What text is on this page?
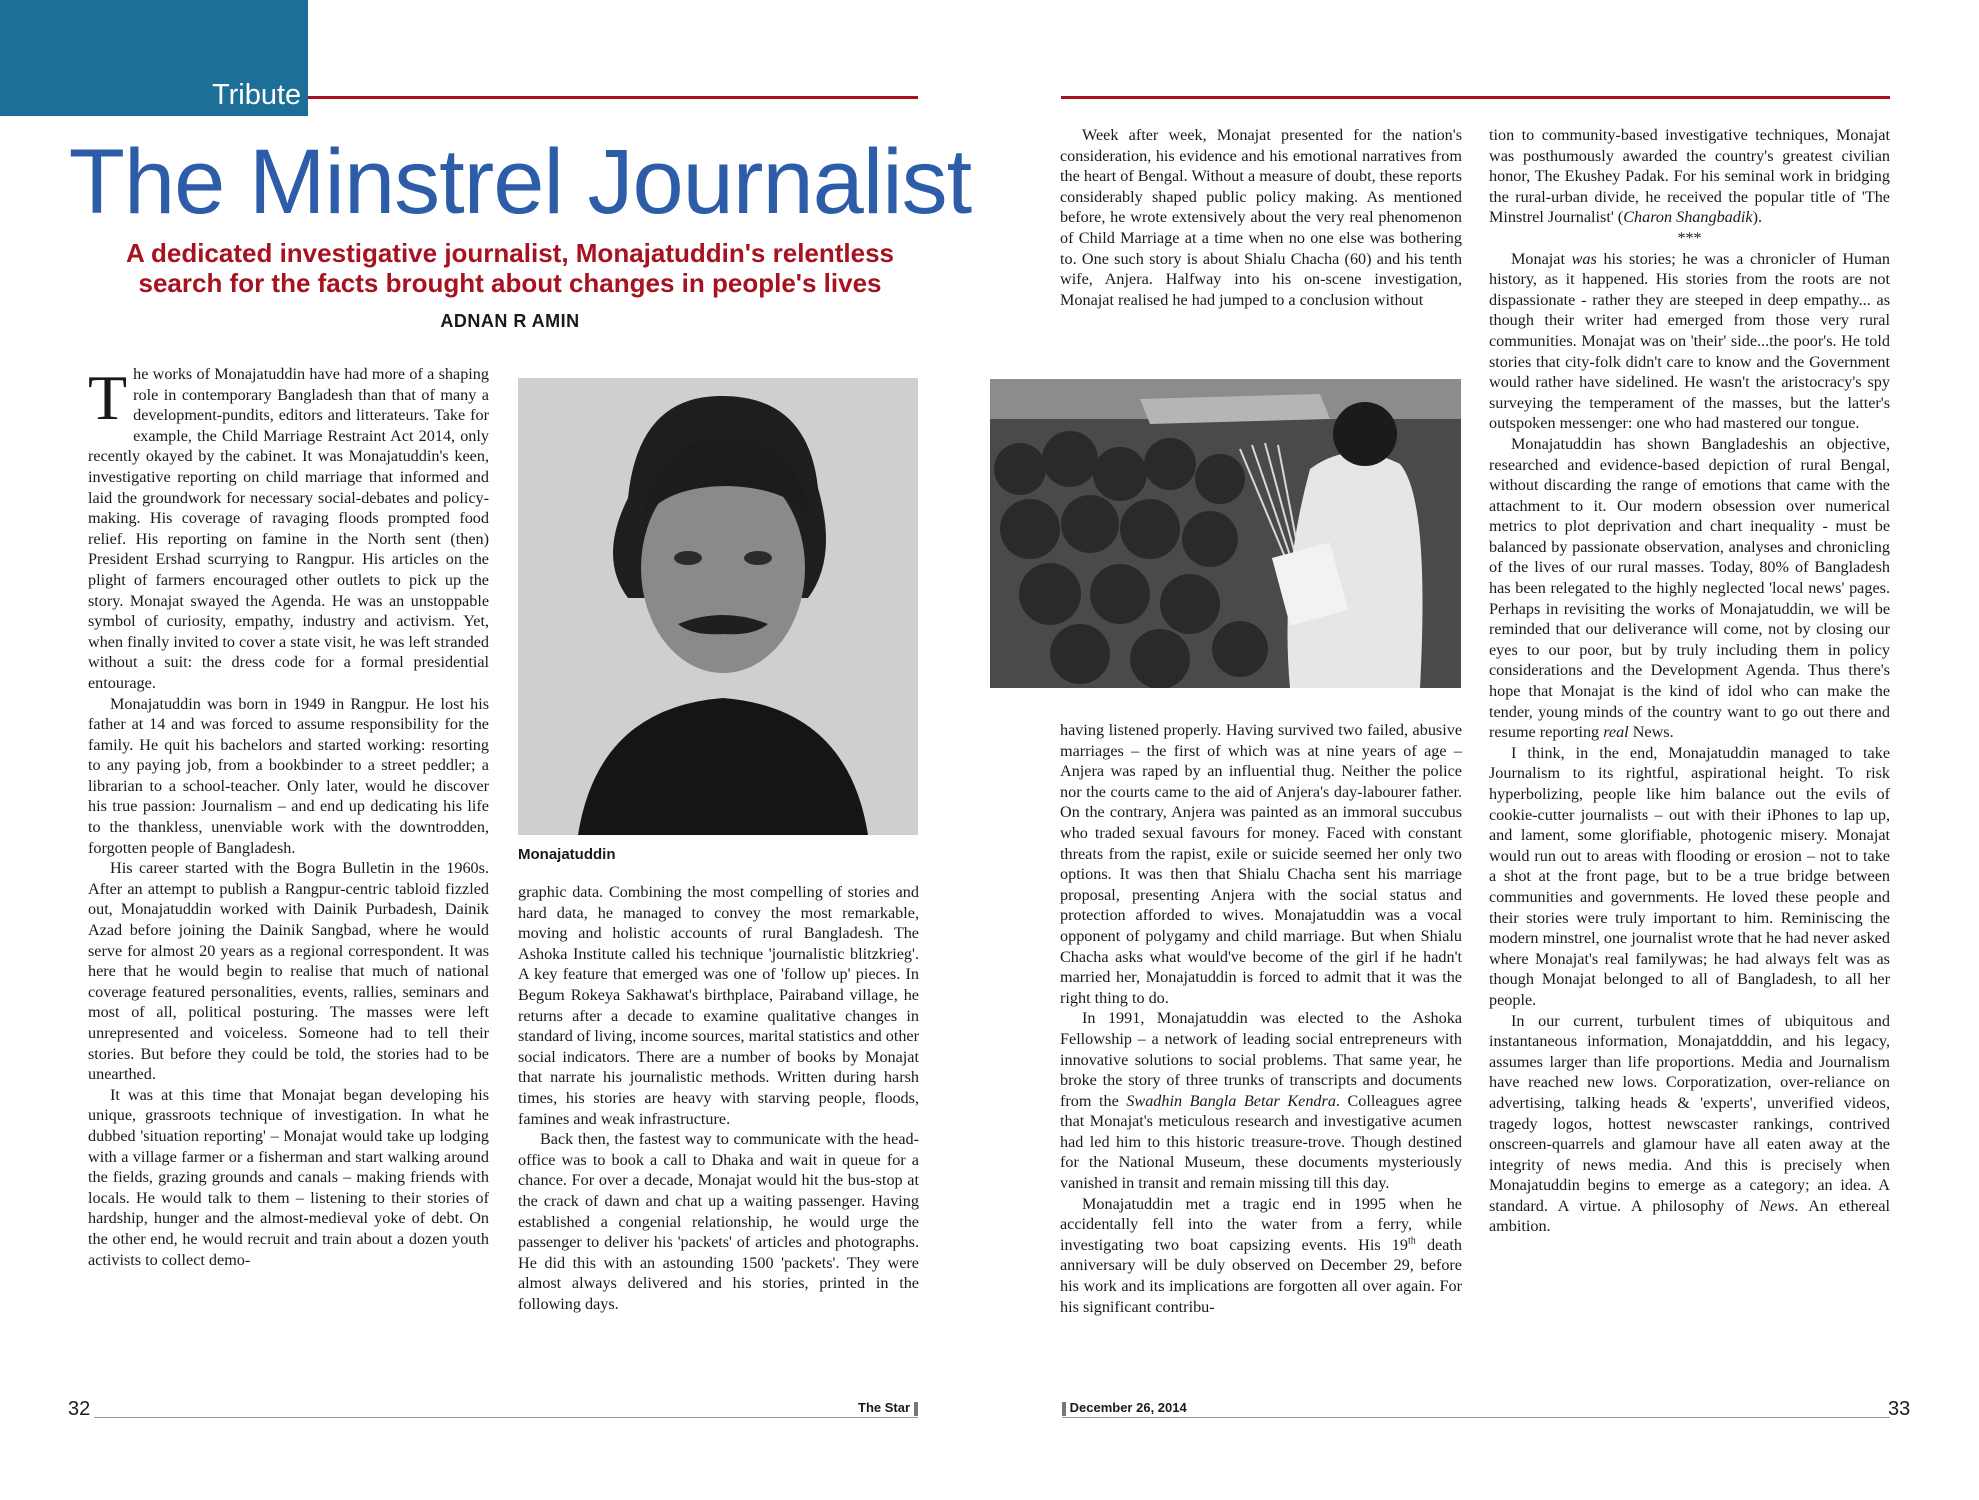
Tribute
The Minstrel Journalist
A dedicated investigative journalist, Monajatuddin's relentless
search for the facts brought about changes in people's lives
ADNAN R AMIN

The works of Monajatuddin have had more of a shaping role in contemporary Bangladesh than that of many a development-pundits, editors and litterateurs. Take for example, the Child Marriage Restraint Act 2014, only recently okayed by the cabinet. It was Monajatuddin's keen, investigative reporting on child marriage that informed and laid the groundwork for necessary social-debates and policy-making. His coverage of ravaging floods prompted food relief. His reporting on famine in the North sent (then) President Ershad scurrying to Rangpur. His articles on the plight of farmers encouraged other outlets to pick up the story. Monajat swayed the Agenda. He was an unstoppable symbol of curiosity, empathy, industry and activism. Yet, when finally invited to cover a state visit, he was left stranded without a suit: the dress code for a formal presidential entourage.

Monajatuddin was born in 1949 in Rangpur. He lost his father at 14 and was forced to assume responsibility for the family. He quit his bachelors and started working: resorting to any paying job, from a bookbinder to a street peddler; a librarian to a school-teacher. Only later, would he discover his true passion: Journalism – and end up dedicating his life to the thankless, unenviable work with the downtrodden, forgotten people of Bangladesh.

His career started with the Bogra Bulletin in the 1960s. After an attempt to publish a Rangpur-centric tabloid fizzled out, Monajatuddin worked with Dainik Purbadesh, Dainik Azad before joining the Dainik Sangbad, where he would serve for almost 20 years as a regional correspondent. It was here that he would begin to realise that much of national coverage featured personalities, events, rallies, seminars and most of all, political posturing. The masses were left unrepresented and voiceless. Someone had to tell their stories. But before they could be told, the stories had to be unearthed.

It was at this time that Monajat began developing his unique, grassroots technique of investigation. In what he dubbed 'situation reporting' – Monajat would take up lodging with a village farmer or a fisherman and start walking around the fields, grazing grounds and canals – making friends with locals. He would talk to them – listening to their stories of hardship, hunger and the almost-medieval yoke of debt. On the other end, he would recruit and train about a dozen youth activists to collect demo-

Monajatuddin

graphic data. Combining the most compelling of stories and hard data, he managed to convey the most remarkable, moving and holistic accounts of rural Bangladesh. The Ashoka Institute called his technique 'journalistic blitzkrieg'. A key feature that emerged was one of 'follow up' pieces. In Begum Rokeya Sakhawat's birthplace, Pairaband village, he returns after a decade to examine qualitative changes in standard of living, income sources, marital statistics and other social indicators. There are a number of books by Monajat that narrate his journalistic methods. Written during harsh times, his stories are heavy with starving people, floods, famines and weak infrastructure.

Back then, the fastest way to communicate with the head-office was to book a call to Dhaka and wait in queue for a chance. For over a decade, Monajat would hit the bus-stop at the crack of dawn and chat up a waiting passenger. Having established a congenial relationship, he would urge the passenger to deliver his 'packets' of articles and photographs. He did this with an astounding 1500 'packets'. They were almost always delivered and his stories, printed in the following days.

Week after week, Monajat presented for the nation's consideration, his evidence and his emotional narratives from the heart of Bengal. Without a measure of doubt, these reports considerably shaped public policy making. As mentioned before, he wrote extensively about the very real phenomenon of Child Marriage at a time when no one else was bothering to. One such story is about Shialu Chacha (60) and his tenth wife, Anjera. Halfway into his on-scene investigation, Monajat realised he had jumped to a conclusion without

having listened properly. Having survived two failed, abusive marriages – the first of which was at nine years of age – Anjera was raped by an influential thug. Neither the police nor the courts came to the aid of Anjera's day-labourer father. On the contrary, Anjera was painted as an immoral succubus who traded sexual favours for money. Faced with constant threats from the rapist, exile or suicide seemed her only two options. It was then that Shialu Chacha sent his marriage proposal, presenting Anjera with the social status and protection afforded to wives. Monajatuddin was a vocal opponent of polygamy and child marriage. But when Shialu Chacha asks what would've become of the girl if he hadn't married her, Monajatuddin is forced to admit that it was the right thing to do.

In 1991, Monajatuddin was elected to the Ashoka Fellowship – a network of leading social entrepreneurs with innovative solutions to social problems. That same year, he broke the story of three trunks of transcripts and documents from the Swadhin Bangla Betar Kendra. Colleagues agree that Monajat's meticulous research and investigative acumen had led him to this historic treasure-trove. Though destined for the National Museum, these documents mysteriously vanished in transit and remain missing till this day.

Monajatuddin met a tragic end in 1995 when he accidentally fell into the water from a ferry, while investigating two boat capsizing events. His 19th death anniversary will be duly observed on December 29, before his work and its implications are forgotten all over again. For his significant contribu-

tion to community-based investigative techniques, Monajat was posthumously awarded the country's greatest civilian honor, The Ekushey Padak. For his seminal work in bridging the rural-urban divide, he received the popular title of 'The Minstrel Journalist' (Charon Shangbadik).

***

Monajat was his stories; he was a chronicler of Human history, as it happened. His stories from the roots are not dispassionate - rather they are steeped in deep empathy... as though their writer had emerged from those very rural communities. Monajat was on 'their' side...the poor's. He told stories that city-folk didn't care to know and the Government would rather have sidelined. He wasn't the aristocracy's spy surveying the temperament of the masses, but the latter's outspoken messenger: one who had mastered our tongue.

Monajatuddin has shown Bangladeshis an objective, researched and evidence-based depiction of rural Bengal, without discarding the range of emotions that came with the attachment to it. Our modern obsession over numerical metrics to plot deprivation and chart inequality - must be balanced by passionate observation, analyses and chronicling of the lives of our rural masses. Today, 80% of Bangladesh has been relegated to the highly neglected 'local news' pages. Perhaps in revisiting the works of Monajatuddin, we will be reminded that our deliverance will come, not by closing our eyes to our poor, but by truly including them in policy considerations and the Development Agenda. Thus there's hope that Monajat is the kind of idol who can make the tender, young minds of the country want to go out there and resume reporting real News.

I think, in the end, Monajatuddin managed to take Journalism to its rightful, aspirational height. To risk hyperbolizing, people like him balance out the evils of cookie-cutter journalists – out with their iPhones to lap up, and lament, some glorifiable, photogenic misery. Monajat would run out to areas with flooding or erosion – not to take a shot at the front page, but to be a true bridge between communities and governments. He loved these people and their stories were truly important to him. Reminiscing the modern minstrel, one journalist wrote that he had never asked where Monajat's real familywas; he had always felt was as though Monajat belonged to all of Bangladesh, to all her people.

In our current, turbulent times of ubiquitous and instantaneous information, Monajatdddin, and his legacy, assumes larger than life proportions. Media and Journalism have reached new lows. Corporatization, over-reliance on advertising, talking heads & 'experts', unverified videos, tragedy logos, hottest newscaster rankings, contrived onscreen-quarrels and glamour have all eaten away at the integrity of news media. And this is precisely when Monajatuddin begins to emerge as a category; an idea. A standard. A virtue. A philosophy of News. An ethereal ambition.

32	The Star	December 26, 2014	33
